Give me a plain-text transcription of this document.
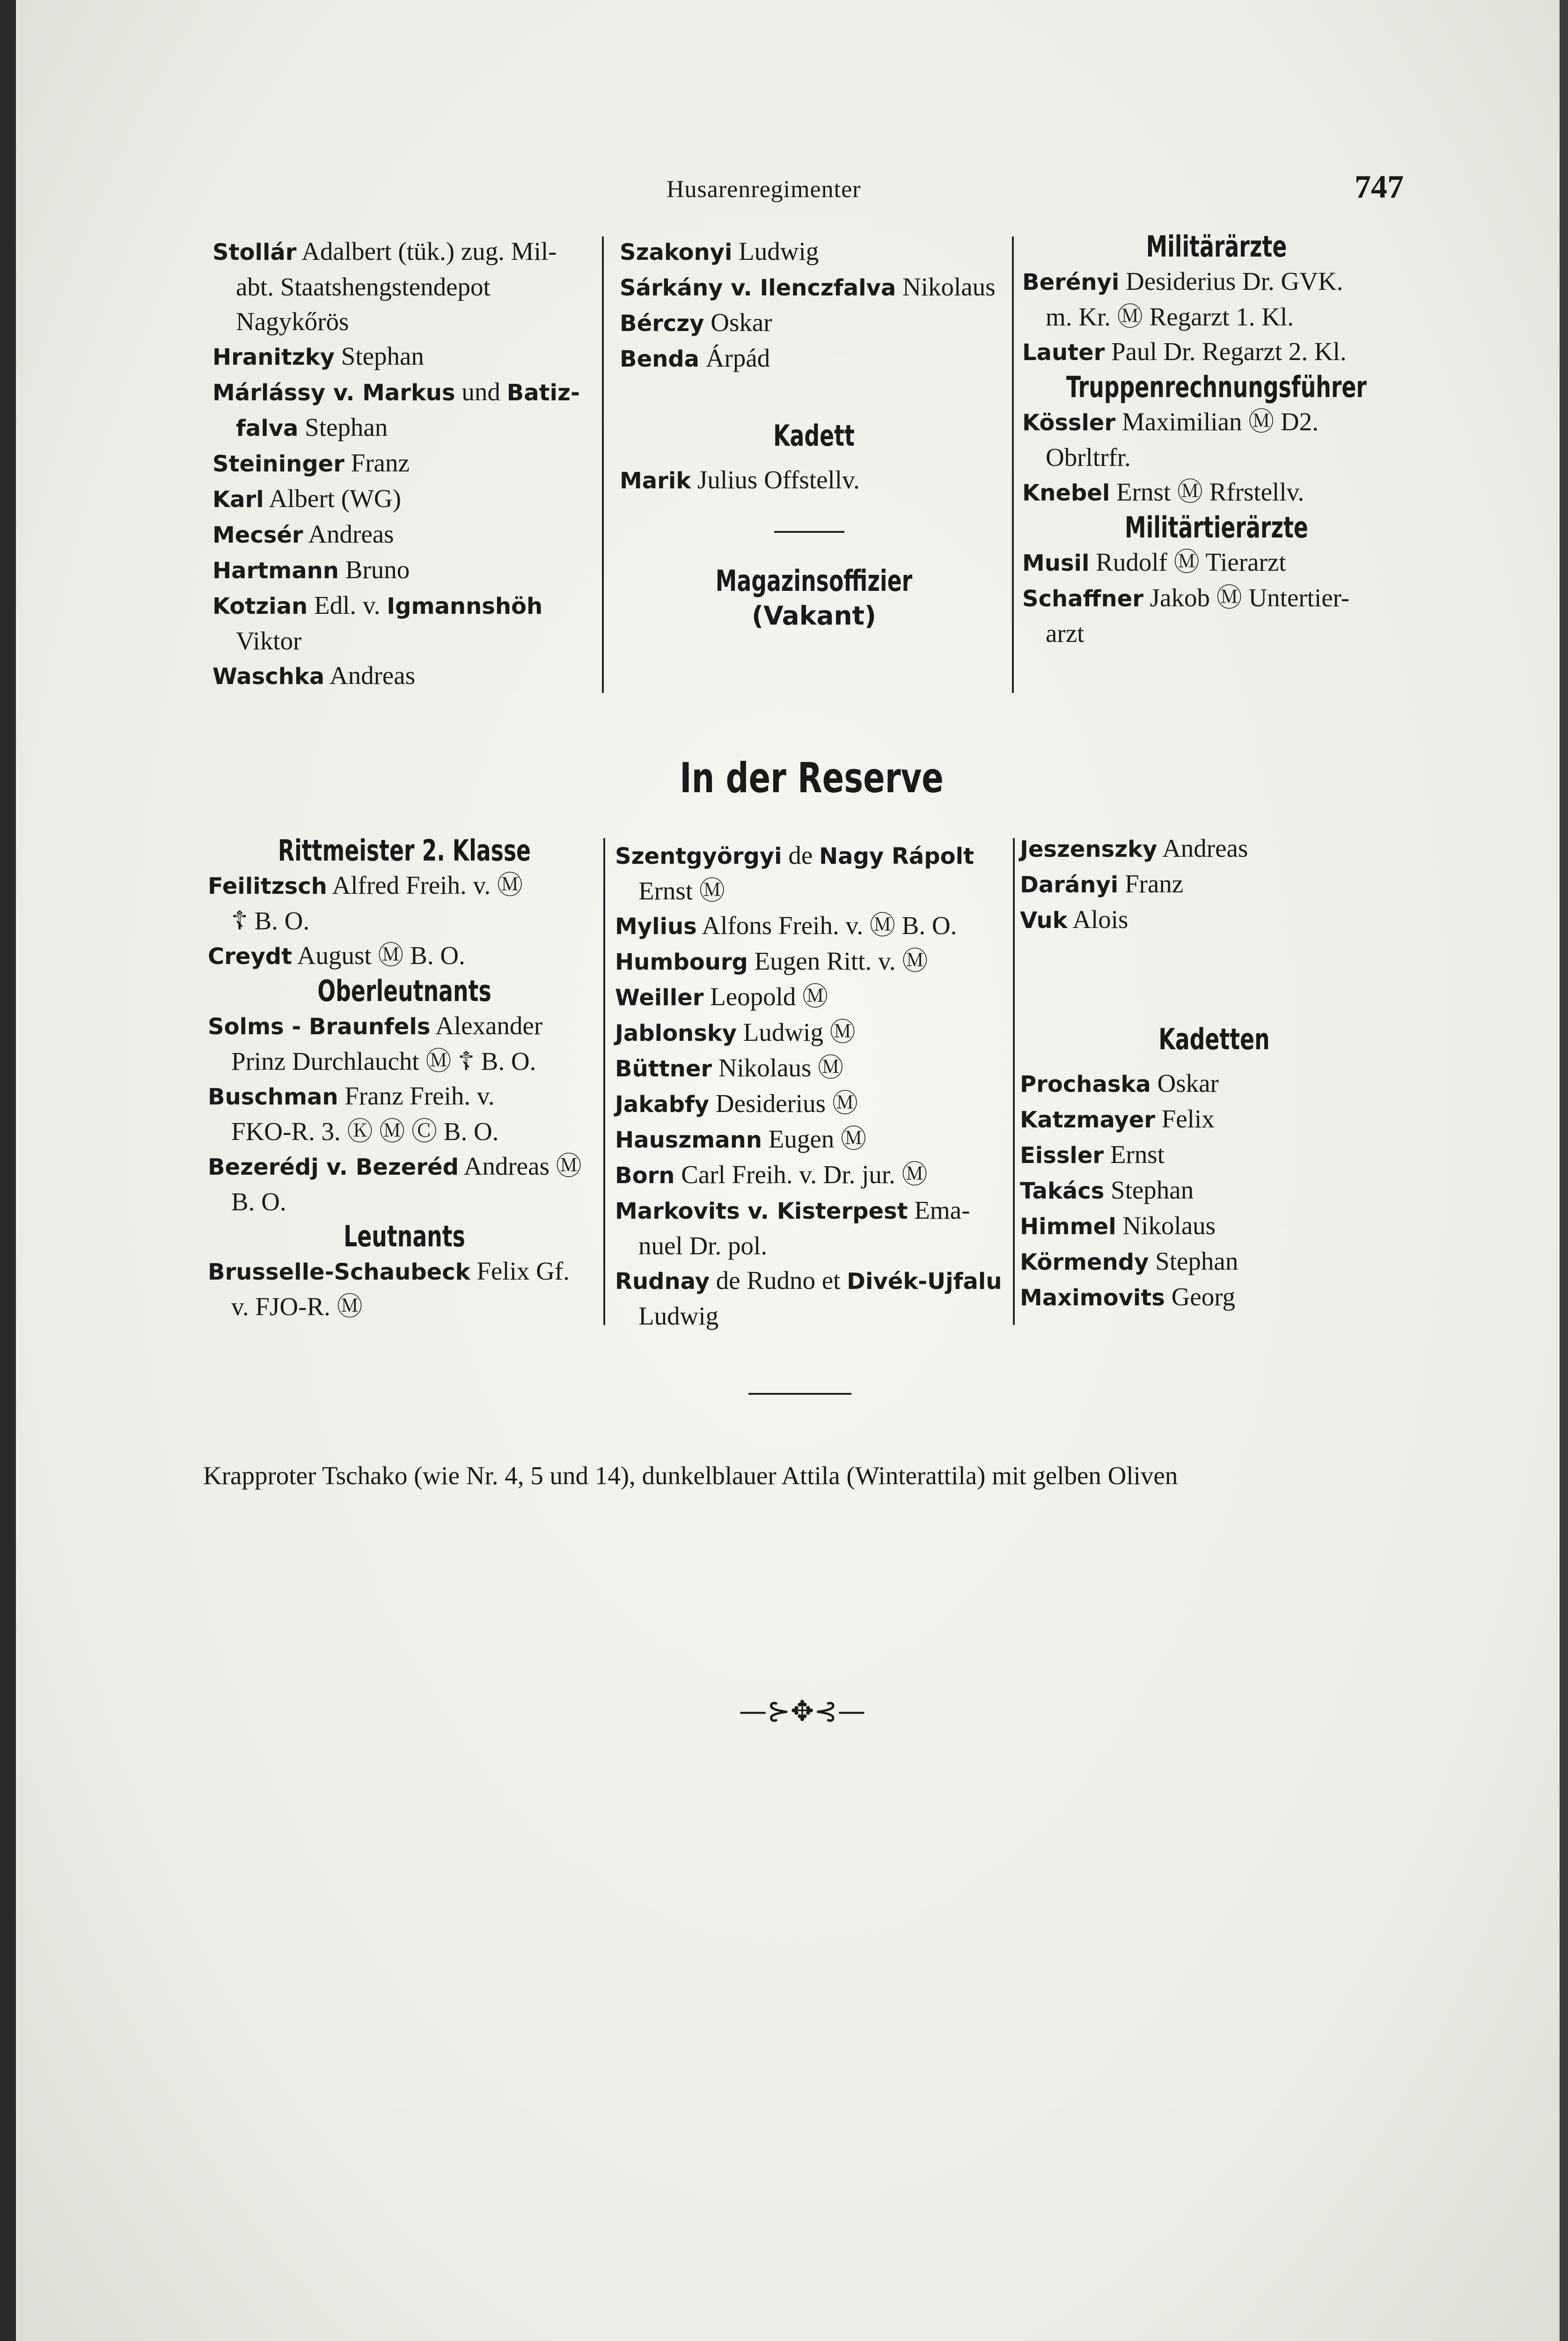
Husarenregimenter	747
Stollár Adalbert (tük.) zug. Mil-
abt. Staatshengstendepot
Nagykőrös
Hranitzky Stephan
Márlássy v. Markus und Batiz-
falva Stephan
Steininger Franz
Karl Albert (WG)
Mecsér Andreas
Hartmann Bruno
Kotzian Edl. v. Igmannshöh
Viktor
Waschka Andreas
Szakonyi Ludwig
Sárkány v. Ilenczfalva Nikolaus
Bérczy Oskar
Benda Árpád
Kadett
Marik Julius Offstellv.
Magazinsoffizier
(Vakant)
Militärärzte
Berényi Desiderius Dr. GVK.
m. Kr. Ⓜ Regarzt 1. Kl.
Lauter Paul Dr. Regarzt 2. Kl.
Truppenrechnungsführer
Kössler Maximilian Ⓜ D2.
Obrltrfr.
Knebel Ernst Ⓜ Rfrstellv.
Militärtierärzte
Musil Rudolf Ⓜ Tierarzt
Schaffner Jakob Ⓜ Untertier-
arzt
In der Reserve
Rittmeister 2. Klasse
Feilitzsch Alfred Freih. v. Ⓜ
☦ B. O.
Creydt August Ⓜ B. O.
Oberleutnants
Solms - Braunfels Alexander
Prinz Durchlaucht Ⓜ ☦ B. O.
Buschman Franz Freih. v.
FKO-R. 3. Ⓚ Ⓜ Ⓒ B. O.
Bezerédj v. Bezeréd Andreas Ⓜ
B. O.
Leutnants
Brusselle-Schaubeck Felix Gf.
v. FJO-R. Ⓜ
Szentgyörgyi de Nagy Rápolt
Ernst Ⓜ
Mylius Alfons Freih. v. Ⓜ B. O.
Humbourg Eugen Ritt. v. Ⓜ
Weiller Leopold Ⓜ
Jablonsky Ludwig Ⓜ
Büttner Nikolaus Ⓜ
Jakabfy Desiderius Ⓜ
Hauszmann Eugen Ⓜ
Born Carl Freih. v. Dr. jur. Ⓜ
Markovits v. Kisterpest Ema-
nuel Dr. pol.
Rudnay de Rudno et Divék-Ujfalu
Ludwig
Jeszenszky Andreas
Darányi Franz
Vuk Alois
Kadetten
Prochaska Oskar
Katzmayer Felix
Eissler Ernst
Takács Stephan
Himmel Nikolaus
Körmendy Stephan
Maximovits Georg
Krapproter Tschako (wie Nr. 4, 5 und 14), dunkelblauer Attila (Winterattila) mit gelben Oliven
—⊱✥⊰—
